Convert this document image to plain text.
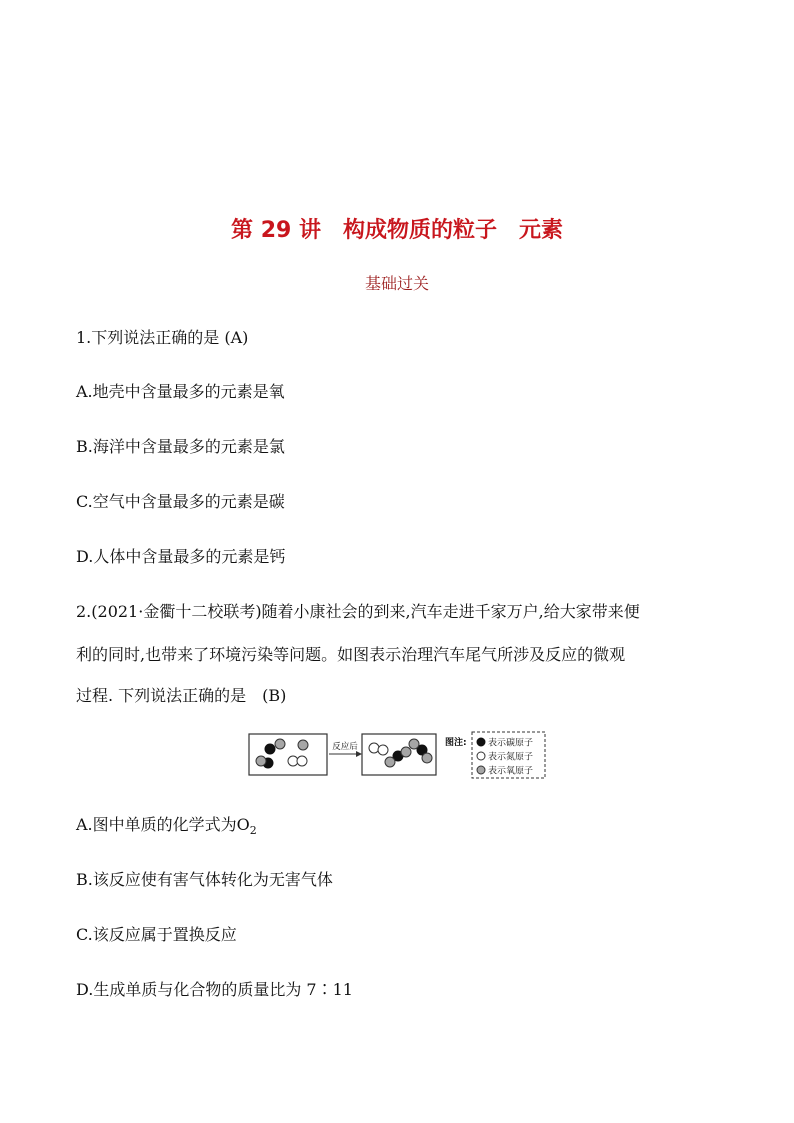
第 29 讲　构成物质的粒子　元素
基础过关
1.下列说法正确的是 (A)
A.地壳中含量最多的元素是氧
B.海洋中含量最多的元素是氯
C.空气中含量最多的元素是碳
D.人体中含量最多的元素是钙
2.(2021·金衢十二校联考)随着小康社会的到来,汽车走进千家万户,给大家带来便
利的同时,也带来了环境污染等问题。如图表示治理汽车尾气所涉及反应的微观
过程. 下列说法正确的是　(B)
反应后	图注: 表示碳原子
表示氮原子
表示氧原子
A.图中单质的化学式为$O_2$
B.该反应使有害气体转化为无害气体
C.该反应属于置换反应
D.生成单质与化合物的质量比为 7∶11
